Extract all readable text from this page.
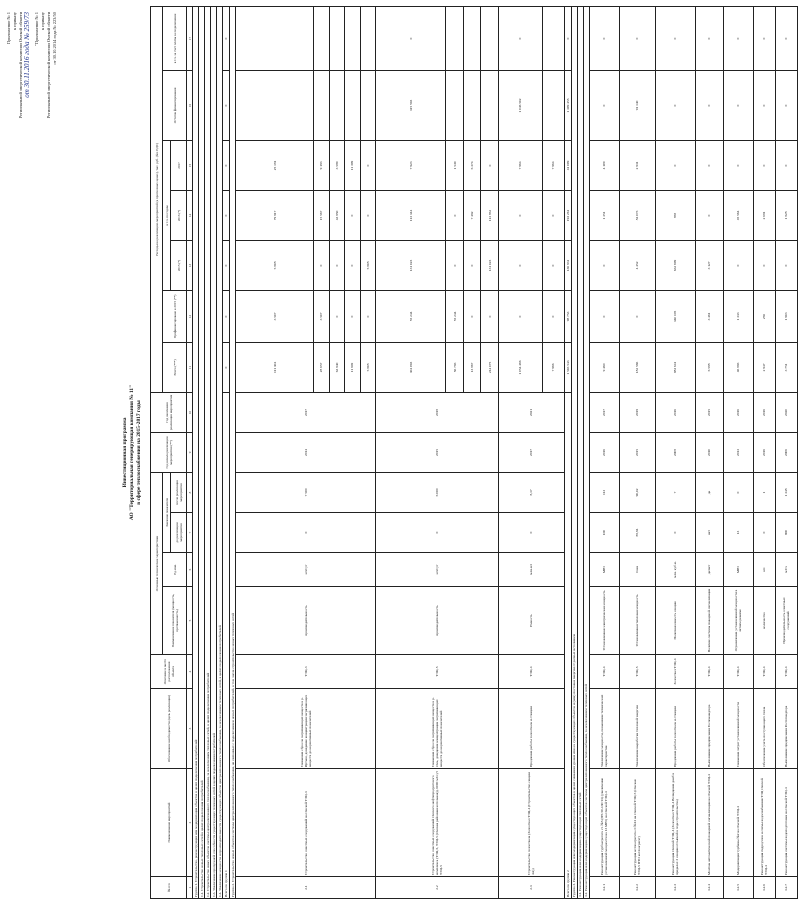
Приложение № 1 к приказу Региональной энергетической комиссии Омской области от 30.11.2016 года № 259/73 "Приложение № 1 к приказу Региональной энергетической комиссии Омской области от 30.10.2014 года № 223/50
Инвестиционная программа АО "Территориальная генерирующая компания № 11" в сфере теплоснабжения на 2015-2017 годы
№ п/п	Наименование мероприятий	Обоснование необходимости (цель реализации)	Описание и место расположения объекта	Основные технические характеристики				Год начала реализации мероприятия (**)	Год окончания реализации мероприятия	Расходы на реализацию мероприятий (в прогнозных ценах), тыс. руб. (без НДС)							
				Наименование показателя (мощность, протяженность)	Ед.изм.	Значение показателя				Всего (***)	Профинансировано к 2015 (**)	в т.ч. по годам			Остаток финансирования	в т.ч. за счет платы за подключение	
						до реализации мероприятия	после реализации мероприятия					2015 (*)	2016 (*)	2017			

1	2	3	4	5	6	7	8	9	10	11	12	13	14	15	16	17	
Группа 1. Строительство, реконструкция или модернизация объектов в целях подключения потребителей:																	
1.1. Строительство новых тепловых сетей в целях подключения потребителей																	
1.2. Строительство иных объектов системы централизованного теплоснабжения, за исключением тепловых сетей, в целях подключения потребителей																	
1.3. Увеличение пропускной способности существующих тепловых сетей в целях подключения потребителей																	
1.4. Увеличение мощности и производительности существующих объектов централизованного теплоснабжения, за исключением тепловых сетей, в целях подключения потребителей																	
Всего по группе 1										0	0	0	0	0	0	0	
Группа 2. Строительство новых объектов системы централизованного теплоснабжения, не связанных с подключением новых потребителей, в том числе строительство новых тепловых сетей																	
2.1	Строительство очистных сооружений на Омской ТЭЦ-3	Снижение сбросов загрязняющих веществ в р. Иртыш, доведение концентрации загрязняющих веществ до нормативных показателей	ТЭЦ-3	производительность	м3/сут	0	7 500	2014	2017	111 304	3 507	5 808	79 917	25 181			
										28 657	3 507	0	15 567	9 183			
										63 940	0	0	43 950	3 599			
										11 949	0	0	0	11 399			
										5 808	0	5 808	0	0			
2.2	Строительство очистных сооружений Омского нефтепродуктового комплекса (ТЭЦ-5, ТЭЦ-5 (Омская районная котельная)), 6000 м3/сут ТЭЦ-5	Снижение сбросов загрязняющих веществ в р. Омь, доведение концентрации загрязняющих веществ до нормативных показателей	ТЭЦ-5	производительность	м3/сут	0	6 000	2015	2018	304 093	55 244	131 023	113 344	7 923	315 593	0	
										56 793	55 244	0	0	1 549			
										13 867	0	0	7 492	6 374			
										244 075	0	131 023	113 852	0			
2.3	Строительство золоотвала (Золоотвал ТЭЦ-4 (Строительство секции 4А))	Продление работы золоотвала и станции	ТЭЦ-4	Емкость	млн.м3	0	8,17	2017	2021	1 054 466	0	0	0	7 964	1 046 502	0	
										7 966	0	0	0	7 964			
Всего по группе 2										1 503 543	98 753	136 831	193 261	41 009	1 309 455	0	
Группа 3. Реконструкция или модернизация существующих объектов в целях снижения уровня износа существующих объектов и (или) поставки энергии от разных источников																	
3.1. Реконструкция или модернизация существующих тепловых сетей																	
3.2. Реконструкция или модернизация существующих объектов системы централизованного теплоснабжения, за исключением тепловых сетей																	
3.2.1	Реконструкция турбоагрегата ст. №5 (ПТ-50-130/13) (увеличение установленной мощности на 13 МВт) на Омской ТЭЦ-4	Увеличение мощности, повышение технических характеристик	ТЭЦ-4	Установленная электрическая мощность	МВт	100	113	2016	2017	9 460	0	0	1 351	4 109	0	0	
3.2.2	Реконструкция котлоагрегата ст.№14 на Омской ТЭЦ-5 (Омская ТЭЦ-5 ПТО котлоагрегат)	Увеличение выработки тепловой энергии	ТЭЦ-5	Установленная тепловая мощность	тонн	88,84	90,02	2015	2019	182 566	0	4 452	84 073	2 931	91 140	0	
3.2.3	Реконструкция Омской ТЭЦ-4 (Золоотвал ТЭЦ-4 Возведение дамб в пределах 3 секции отсыпкой в ходе строительства)	Продление работы золоотвала и станции	Золоотвал ТЭЦ-4	Полезная емкость секции	млн. куб.м.	0	7	2008	2016	983 641	340 105	632 699	858	0	0	0	
3.2.4	Монтаж автоматической пожарной сигнализации на Омской ТЭЦ-4	Выполнение предписания Госпожнадзора	ТЭЦ-4	Наличие системы пожарной сигнализации	да/нет	нет	да	2010	2015	6 588	3 461	3 127	0	0	0	0	
3.2.5	Модернизация турбины №2 на Омской ТЭЦ-4	Снижение затрат установленной мощности	ТЭЦ-4	Ограничение установленной мощности в летнем режиме	МВт	13	0	2013	2016	46 893	1 333	0	45 564	0	0	0	
3.2.6	Реконструкция гидроузлов и схемы водоснабжения ТЭЦ Омской ТЭЦ-4	Обеспечение учета поступающего тепла	ТЭЦ-4	количество	шт.	0	1	2016	2016	2 947	256	0	2 691	0	0	0	
3.2.7	Реконструкция системы водоподготовки на Омской ТЭЦ-4	Выполнение предписания Ростехнадзора	ТЭЦ-4	Производительность очистных сооружений	м3/ч	900	1 348	2006	2020	3 751	1 903	0	1 828	0	0	0	
